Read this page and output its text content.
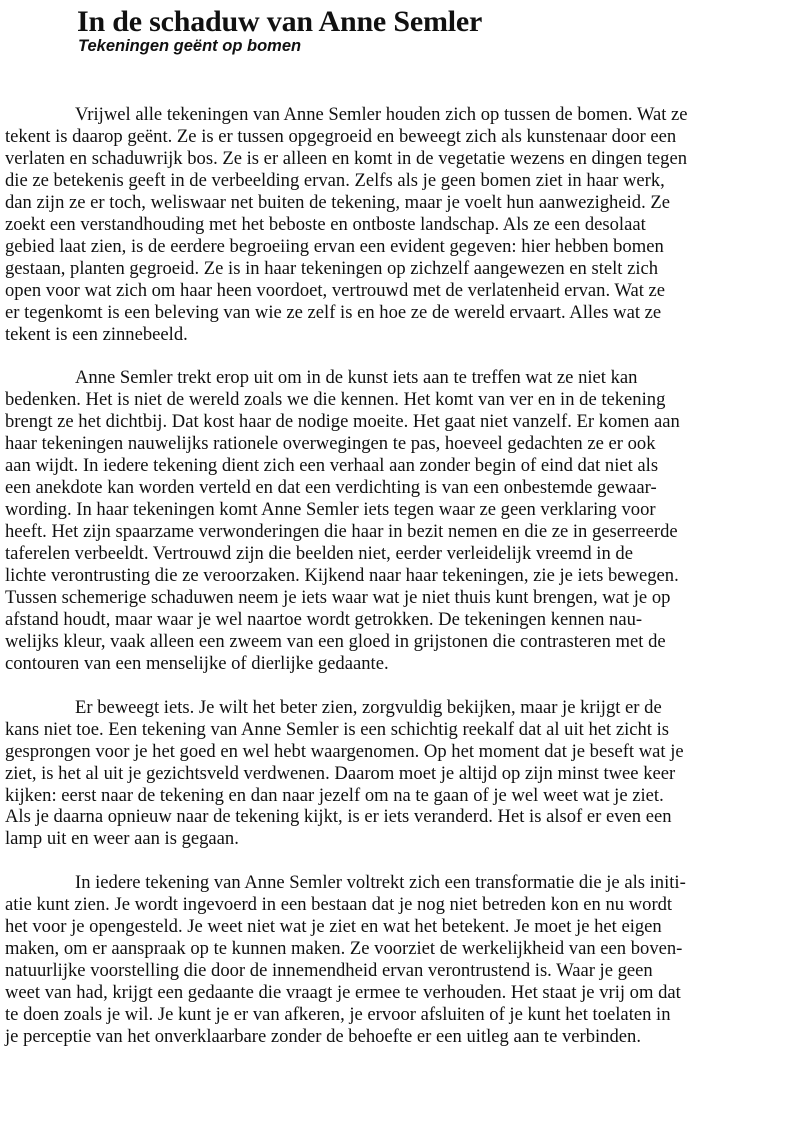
In de schaduw van Anne Semler
Tekeningen geënt op bomen

Vrijwel alle tekeningen van Anne Semler houden zich op tussen de bomen. Wat ze
tekent is daarop geënt. Ze is er tussen opgegroeid en beweegt zich als kunstenaar door een
verlaten en schaduwrijk bos. Ze is er alleen en komt in de vegetatie wezens en dingen tegen
die ze betekenis geeft in de verbeelding ervan. Zelfs als je geen bomen ziet in haar werk,
dan zijn ze er toch, weliswaar net buiten de tekening, maar je voelt hun aanwezigheid. Ze
zoekt een verstandhouding met het beboste en ontboste landschap. Als ze een desolaat
gebied laat zien, is de eerdere begroeiing ervan een evident gegeven: hier hebben bomen
gestaan, planten gegroeid. Ze is in haar tekeningen op zichzelf aangewezen en stelt zich
open voor wat zich om haar heen voordoet, vertrouwd met de verlatenheid ervan. Wat ze
er tegenkomt is een beleving van wie ze zelf is en hoe ze de wereld ervaart. Alles wat ze
tekent is een zinnebeeld.

Anne Semler trekt erop uit om in de kunst iets aan te treffen wat ze niet kan
bedenken. Het is niet de wereld zoals we die kennen. Het komt van ver en in de tekening
brengt ze het dichtbij. Dat kost haar de nodige moeite. Het gaat niet vanzelf. Er komen aan
haar tekeningen nauwelijks rationele overwegingen te pas, hoeveel gedachten ze er ook
aan wijdt. In iedere tekening dient zich een verhaal aan zonder begin of eind dat niet als
een anekdote kan worden verteld en dat een verdichting is van een onbestemde gewaar-
wording. In haar tekeningen komt Anne Semler iets tegen waar ze geen verklaring voor
heeft. Het zijn spaarzame verwonderingen die haar in bezit nemen en die ze in geserreerde
taferelen verbeeldt. Vertrouwd zijn die beelden niet, eerder verleidelijk vreemd in de
lichte verontrusting die ze veroorzaken. Kijkend naar haar tekeningen, zie je iets bewegen.
Tussen schemerige schaduwen neem je iets waar wat je niet thuis kunt brengen, wat je op
afstand houdt, maar waar je wel naartoe wordt getrokken. De tekeningen kennen nau-
welijks kleur, vaak alleen een zweem van een gloed in grijstonen die contrasteren met de
contouren van een menselijke of dierlijke gedaante.

Er beweegt iets. Je wilt het beter zien, zorgvuldig bekijken, maar je krijgt er de
kans niet toe. Een tekening van Anne Semler is een schichtig reekalf dat al uit het zicht is
gesprongen voor je het goed en wel hebt waargenomen. Op het moment dat je beseft wat je
ziet, is het al uit je gezichtsveld verdwenen. Daarom moet je altijd op zijn minst twee keer
kijken: eerst naar de tekening en dan naar jezelf om na te gaan of je wel weet wat je ziet.
Als je daarna opnieuw naar de tekening kijkt, is er iets veranderd. Het is alsof er even een
lamp uit en weer aan is gegaan.

In iedere tekening van Anne Semler voltrekt zich een transformatie die je als initi-
atie kunt zien. Je wordt ingevoerd in een bestaan dat je nog niet betreden kon en nu wordt
het voor je opengesteld. Je weet niet wat je ziet en wat het betekent. Je moet je het eigen
maken, om er aanspraak op te kunnen maken. Ze voorziet de werkelijkheid van een boven-
natuurlijke voorstelling die door de innemendheid ervan verontrustend is. Waar je geen
weet van had, krijgt een gedaante die vraagt je ermee te verhouden. Het staat je vrij om dat
te doen zoals je wil. Je kunt je er van afkeren, je ervoor afsluiten of je kunt het toelaten in
je perceptie van het onverklaarbare zonder de behoefte er een uitleg aan te verbinden.
